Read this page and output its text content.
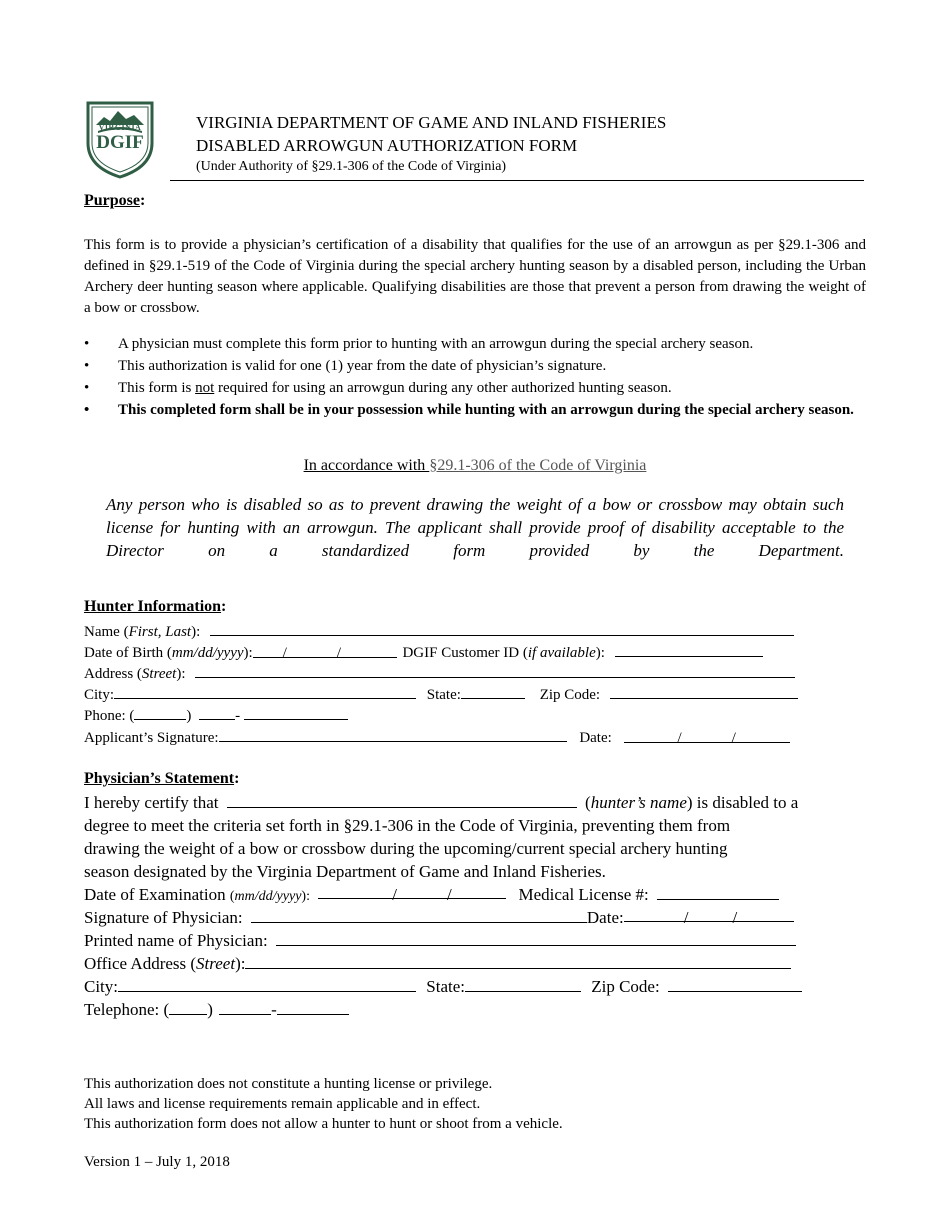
VIRGINIA
DGIF
VIRGINIA DEPARTMENT OF GAME AND INLAND FISHERIES
DISABLED ARROWGUN AUTHORIZATION FORM
(Under Authority of §29.1-306 of the Code of Virginia)
Purpose:
This form is to provide a physician’s certification of a disability that qualifies for the use of an arrowgun as per §29.1-306 and defined in §29.1-519 of the Code of Virginia during the special archery hunting season by a disabled person, including the Urban Archery deer hunting season where applicable. Qualifying disabilities are those that prevent a person from drawing the weight of a bow or crossbow.
• A physician must complete this form prior to hunting with an arrowgun during the special archery season.
• This authorization is valid for one (1) year from the date of physician’s signature.
• This form is not required for using an arrowgun during any other authorized hunting season.
• This completed form shall be in your possession while hunting with an arrowgun during the special archery season.
In accordance with §29.1-306 of the Code of Virginia
Any person who is disabled so as to prevent drawing the weight of a bow or crossbow may obtain such license for hunting with an arrowgun. The applicant shall provide proof of disability acceptable to the Director on a standardized form provided by the Department.
Hunter Information:
Name (First, Last):
Date of Birth (mm/dd/yyyy): /	/	DGIF Customer ID (if available):
Address (Street):
City:	State:	Zip Code:
Phone: (	)	-
Applicant’s Signature:	Date:	/	/
Physician’s Statement:
I hereby certify that	(hunter’s name) is disabled to a
degree to meet the criteria set forth in §29.1-306 in the Code of Virginia, preventing them from
drawing the weight of a bow or crossbow during the upcoming/current special archery hunting
season designated by the Virginia Department of Game and Inland Fisheries.
Date of Examination (mm/dd/yyyy):	/	/	Medical License #:
Signature of Physician:	Date:	/	/
Printed name of Physician:
Office Address (Street):
City:	State:	Zip Code:
Telephone: ( )	-
This authorization does not constitute a hunting license or privilege.
All laws and license requirements remain applicable and in effect.
This authorization form does not allow a hunter to hunt or shoot from a vehicle.
Version 1 – July 1, 2018
